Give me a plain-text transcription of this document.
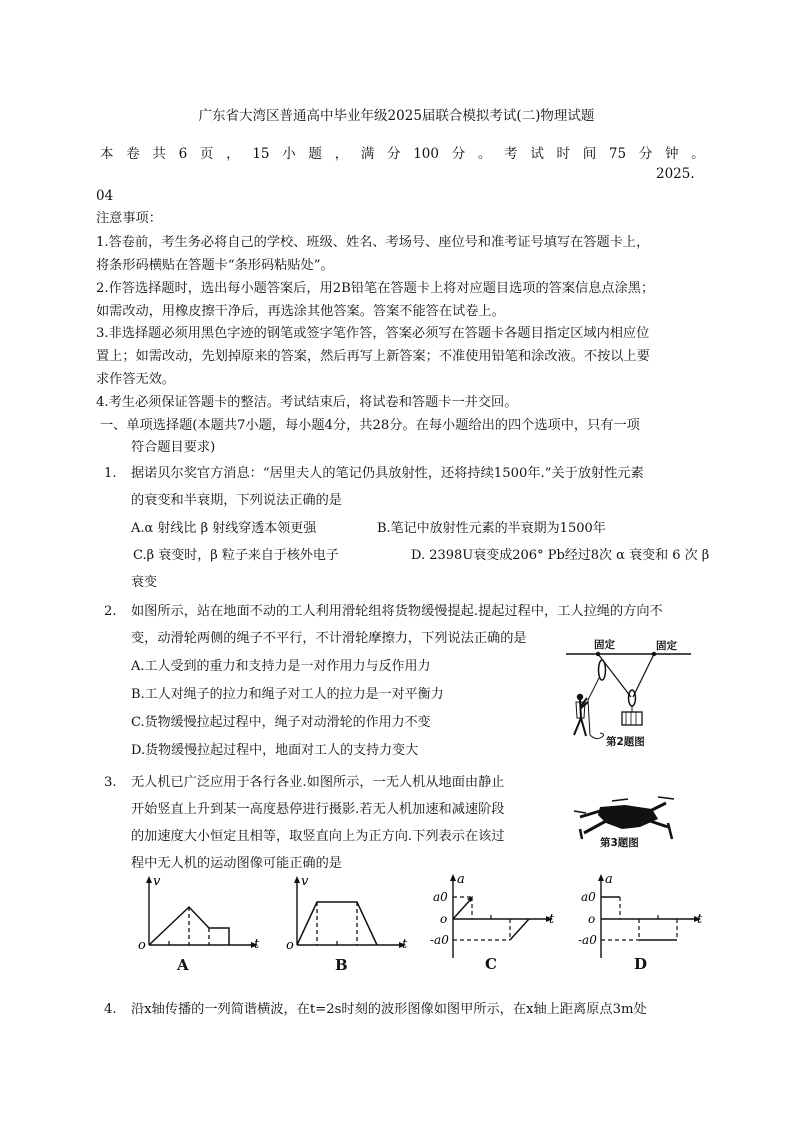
广东省大湾区普通高中毕业年级2025届联合模拟考试(二)物理试题
本 卷 共 6 页 ， 15 小 题 ， 满 分 100 分 。 考 试 时 间 75 分 钟 。
2025.
04
注意事项：
1.答卷前，考生务必将自己的学校、班级、姓名、考场号、座位号和准考证号填写在答题卡上，
将条形码横贴在答题卡“条形码粘贴处”。
2.作答选择题时，选出每小题答案后，用2B铅笔在答题卡上将对应题目选项的答案信息点涂黑；
如需改动，用橡皮擦干净后，再选涂其他答案。答案不能答在试卷上。
3.非选择题必须用黑色字迹的钢笔或签字笔作答，答案必须写在答题卡各题目指定区域内相应位
置上；如需改动，先划掉原来的答案，然后再写上新答案；不准使用铅笔和涂改液。不按以上要
求作答无效。
4.考生必须保证答题卡的整洁。考试结束后，将试卷和答题卡一并交回。
一、单项选择题(本题共7小题，每小题4分，共28分。在每小题给出的四个选项中，只有一项
符合题目要求)
1. 据诺贝尔奖官方消息：“居里夫人的笔记仍具放射性，还将持续1500年.”关于放射性元素
的衰变和半衰期，下列说法正确的是
A.α 射线比 β 射线穿透本领更强	B.笔记中放射性元素的半衰期为1500年
C.β 衰变时，β 粒子来自于核外电子	D. 2398U衰变成206° Pb经过8次 α 衰变和 6 次 β
衰变
2. 如图所示，站在地面不动的工人利用滑轮组将货物缓慢提起.提起过程中，工人拉绳的方向不
变，动滑轮两侧的绳子不平行，不计滑轮摩擦力，下列说法正确的是
A.工人受到的重力和支持力是一对作用力与反作用力
B.工人对绳子的拉力和绳子对工人的拉力是一对平衡力
C.货物缓慢拉起过程中，绳子对动滑轮的作用力不变
D.货物缓慢拉起过程中，地面对工人的支持力变大
固定	固定
第2题图
3. 无人机已广泛应用于各行各业.如图所示，一无人机从地面由静止
开始竖直上升到某一高度悬停进行摄影.若无人机加速和减速阶段
的加速度大小恒定且相等，取竖直向上为正方向.下列表示在该过
程中无人机的运动图像可能正确的是
第3题图
v
t
o
A
v
t
o
B
a
t
o
a0
-a0
C
a
t
o
a0
-a0
D
4. 沿x轴传播的一列简谐横波，在t=2s时刻的波形图像如图甲所示，在x轴上距离原点3m处
